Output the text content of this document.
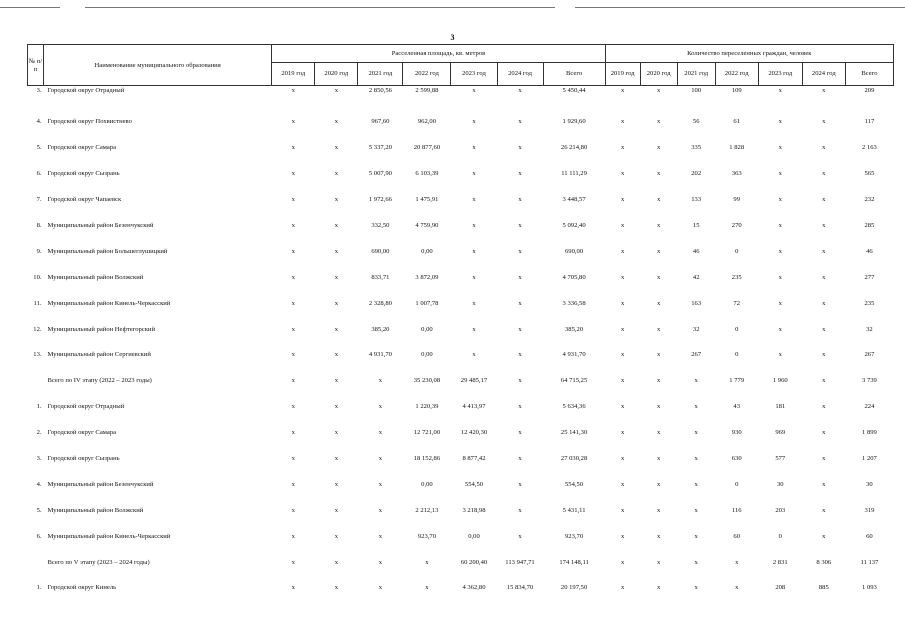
3
№ п/п	Наименование муниципального образования	Расселенная площадь, кв. метров							Количество переселенных граждан, человек						
		2019 год	2020 год	2021 год	2022 год	2023 год	2024 год	Всего	2019 год	2020 год	2021 год	2022 год	2023 год	2024 год	Всего
3.	Городской округ Отрадный	x	x	2 850,56	2 599,88	x	x	5 450,44	x	x	100	109	x	x	209
4.	Городской округ Похвистнево	x	x	967,60	962,00	x	x	1 929,60	x	x	56	61	x	x	117
5.	Городской округ Самара	x	x	5 337,20	20 877,60	x	x	26 214,80	x	x	335	1 828	x	x	2 163
6.	Городской округ Сызрань	x	x	5 007,90	6 103,39	x	x	11 111,29	x	x	202	363	x	x	565
7.	Городской округ Чапаевск	x	x	1 972,66	1 475,91	x	x	3 448,57	x	x	133	99	x	x	232
8.	Муниципальный район Безенчукский	x	x	332,50	4 759,90	x	x	5 092,40	x	x	15	270	x	x	285
9.	Муниципальный район Большеглушицкий	x	x	690,00	0,00	x	x	690,00	x	x	46	0	x	x	46
10.	Муниципальный район Волжский	x	x	833,71	3 872,09	x	x	4 705,80	x	x	42	235	x	x	277
11.	Муниципальный район Кинель-Черкасский	x	x	2 328,80	1 007,78	x	x	3 336,58	x	x	163	72	x	x	235
12.	Муниципальный район Нефтегорский	x	x	385,20	0,00	x	x	385,20	x	x	32	0	x	x	32
13.	Муниципальный район Сергиевский	x	x	4 931,70	0,00	x	x	4 931,70	x	x	267	0	x	x	267
	Всего по IV этапу (2022 – 2023 годы)	x	x	x	35 230,08	29 485,17	x	64 715,25	x	x	x	1 779	1 960	x	3 739
1.	Городской округ Отрадный	x	x	x	1 220,39	4 413,97	x	5 634,36	x	x	x	43	181	x	224
2.	Городской округ Самара	x	x	x	12 721,00	12 420,30	x	25 141,30	x	x	x	930	969	x	1 899
3.	Городской округ Сызрань	x	x	x	18 152,86	8 877,42	x	27 030,28	x	x	x	630	577	x	1 207
4.	Муниципальный район Безенчукский	x	x	x	0,00	554,50	x	554,50	x	x	x	0	30	x	30
5.	Муниципальный район Волжский	x	x	x	2 212,13	3 218,98	x	5 431,11	x	x	x	116	203	x	319
6.	Муниципальный район Кинель-Черкасский	x	x	x	923,70	0,00	x	923,70	x	x	x	60	0	x	60
	Всего по V этапу (2023 – 2024 годы)	x	x	x	x	60 200,40	113 947,71	174 148,11	x	x	x	x	2 831	8 306	11 137
1.	Городской округ Кинель	x	x	x	x	4 362,80	15 834,70	20 197,50	x	x	x	x	208	885	1 093
